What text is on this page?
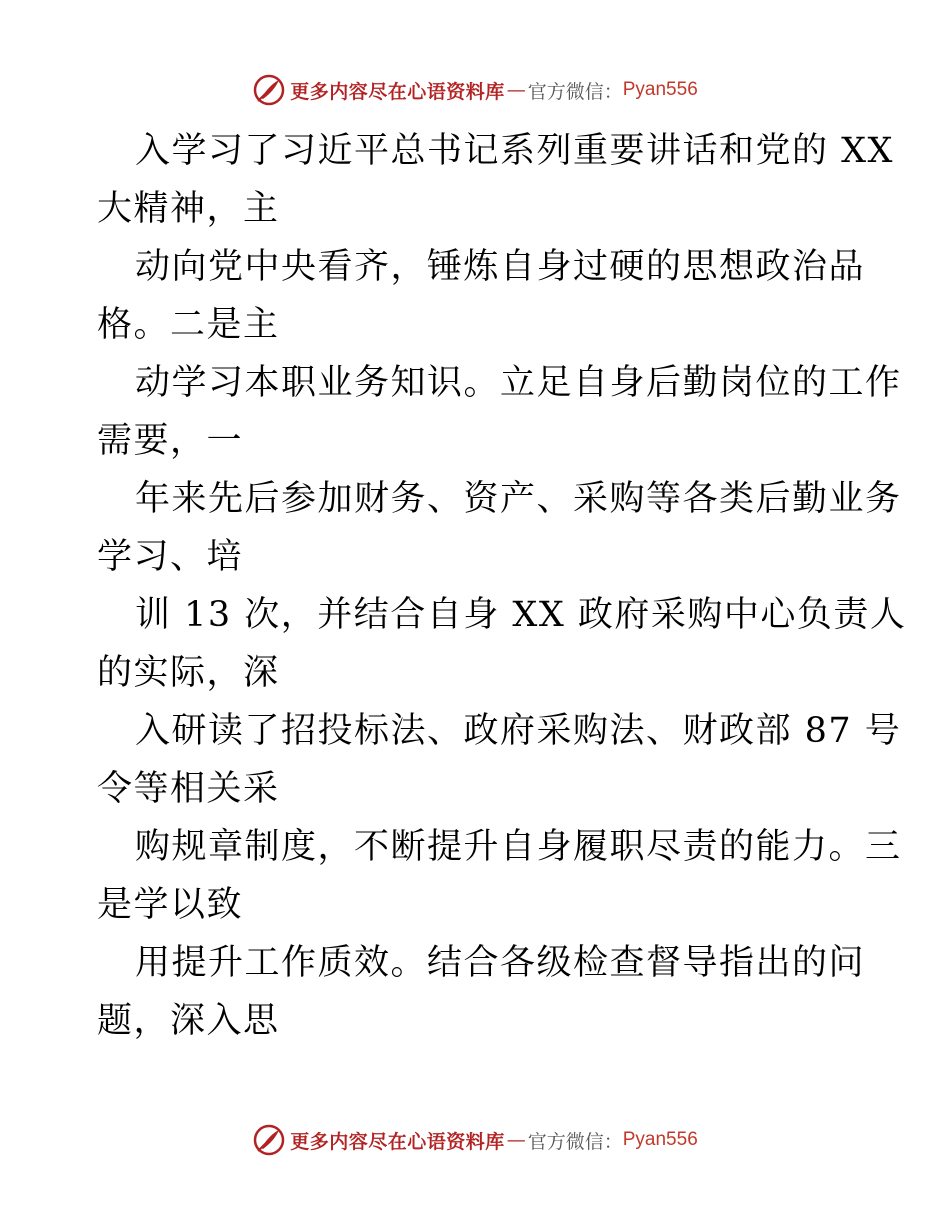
更多内容尽在心语资料库 — 官方微信： Pyan556
入学习了习近平总书记系列重要讲话和党的 XX
大精神，主
动向党中央看齐，锤炼自身过硬的思想政治品
格。二是主
动学习本职业务知识。立足自身后勤岗位的工作
需要，一
年来先后参加财务、资产、采购等各类后勤业务
学习、培
训 13 次，并结合自身 XX 政府采购中心负责人
的实际，深
入研读了招投标法、政府采购法、财政部 87 号
令等相关采
购规章制度，不断提升自身履职尽责的能力。三
是学以致
用提升工作质效。结合各级检查督导指出的问
题，深入思
更多内容尽在心语资料库 — 官方微信： Pyan556
